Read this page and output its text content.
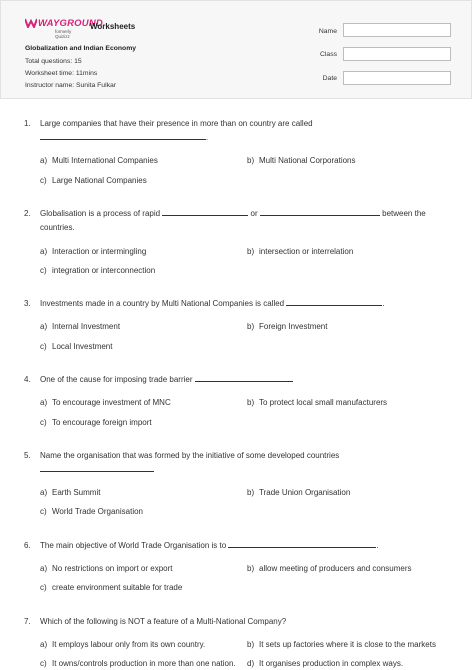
WAYGROUND
formerly Quizizz
Worksheets
Globalization and Indian Economy
Total questions: 15
Worksheet time: 11mins
Instructor name: Sunita Fulkar
Name
Class
Date
1. Large companies that have their presence in more than on country are called
.
a) Multi International Companies	b) Multi National Corporations
c) Large National Companies
2. Globalisation is a process of rapid	or	between the countries.
a) Interaction or intermingling	b) intersection or interrelation
c) integration or interconnection
3. Investments made in a country by Multi National Companies is called	.
a) Internal Investment	b) Foreign Investment
c) Local Investment
4. One of the cause for imposing trade barrier
a) To encourage investment of MNC	b) To protect local small manufacturers
c) To encourage foreign import
5. Name the organisation that was formed by the initiative of some developed countries

a) Earth Summit	b) Trade Union Organisation
c) World Trade Organisation
6. The main objective of World Trade Organisation is to	.
a) No restrictions on import or export	b) allow meeting of producers and consumers
c) create environment suitable for trade
7. Which of the following is NOT a feature of a Multi-National Company?
a) It employs labour only from its own country.	b) It sets up factories where it is close to the markets
c) It owns/controls production in more than one nation. d) It organises production in complex ways.
